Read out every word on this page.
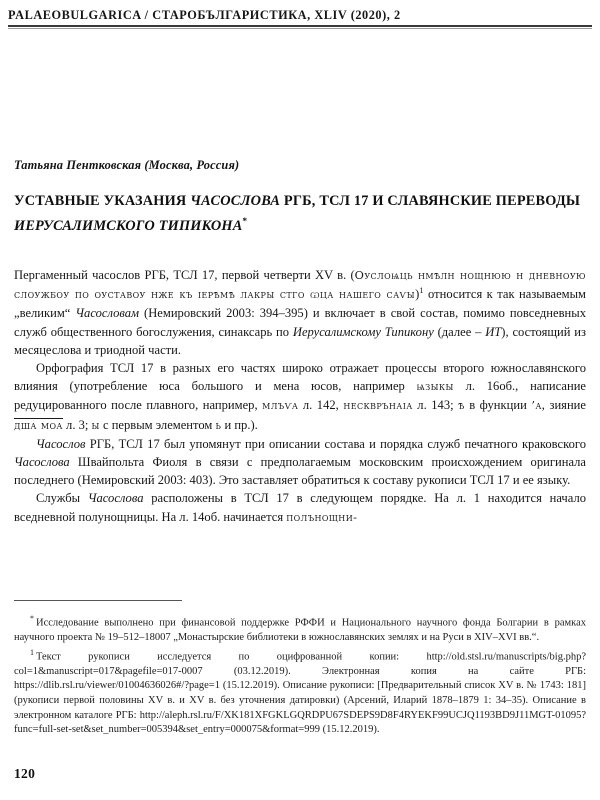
PALAEOBULGARICA / СТАРОБЪЛГАРИСТИКА, XLIV (2020), 2
Татьяна Пентковская (Москва, Россия)
УСТАВНЫЕ УКАЗАНИЯ ЧАСОСЛОВА РГБ, ТСЛ 17 И СЛАВЯНСКИЕ ПЕРЕВОДЫ ИЕРУСАЛИМСКОГО ТИПИКОНА*

Пергаменный часослов РГБ, ТСЛ 17, первой четверти XV в. (Оуслоѩць нмѣлн нощнюю н дневноую слоужбоу по оуставоу нже къ іерѣмѣ лакры стго ѡца нашего саѵы)$^1$ относится к так называемым „великим“ Часословам (Немировский 2003: 394–395) и включает в свой состав, помимо повседневных служб общественного богослужения, синаксарь по Иерусалимскому Типикону (далее – ИТ), состоящий из месяцеслова и триодной части.

Орфография ТСЛ 17 в разных его частях широко отражает процессы второго южнославянского влияния (употребление юса большого и мена юсов, например ѩзыкы л. 16об., написание редуцированного после плавного, например, млъѵа л. 142, нескврънаıа л. 143; ѣ в функции ’а, зияние дша моа л. 3; ы с первым элементом ь и пр.).

Часослов РГБ, ТСЛ 17 был упомянут при описании состава и порядка служб печатного краковского Часослова Швайпольта Фиоля в связи с предполагаемым московским происхождением оригинала последнего (Немировский 2003: 403). Это заставляет обратиться к составу рукописи ТСЛ 17 и ее языку.

Службы Часослова расположены в ТСЛ 17 в следующем порядке. На л. 1 находится начало вседневной полунощницы. На л. 14об. начинается полънощни-

* Исследование выполнено при финансовой поддержке РФФИ и Национального научного фонда Болгарии в рамках научного проекта № 19–512–18007 „Монастырские библиотеки в южнославянских землях и на Руси в XIV–XVI вв.“.

$^1$ Текст рукописи исследуется по оцифрованной копии: http://old.stsl.ru/manuscripts/big.php?col=1&manuscript=017&pagefile=017-0007 (03.12.2019). Электронная копия на сайте РГБ: https://dlib.rsl.ru/viewer/01004636026#/?page=1 (15.12.2019). Описание рукописи: [Предварительный список XV в. № 1743: 181] (рукописи первой половины XV в. и XV в. без уточнения датировки) (Арсений, Иларий 1878–1879 1: 34–35). Описание в электронном каталоге РГБ: http://aleph.rsl.ru/F/XK181XFGKLGQRDPU67SDEPS9D8F4RYEKF99UCJQ1193BD9J11MGT-01095?func=full-set-set&set_number=005394&set_entry=000075&format=999 (15.12.2019).

120
